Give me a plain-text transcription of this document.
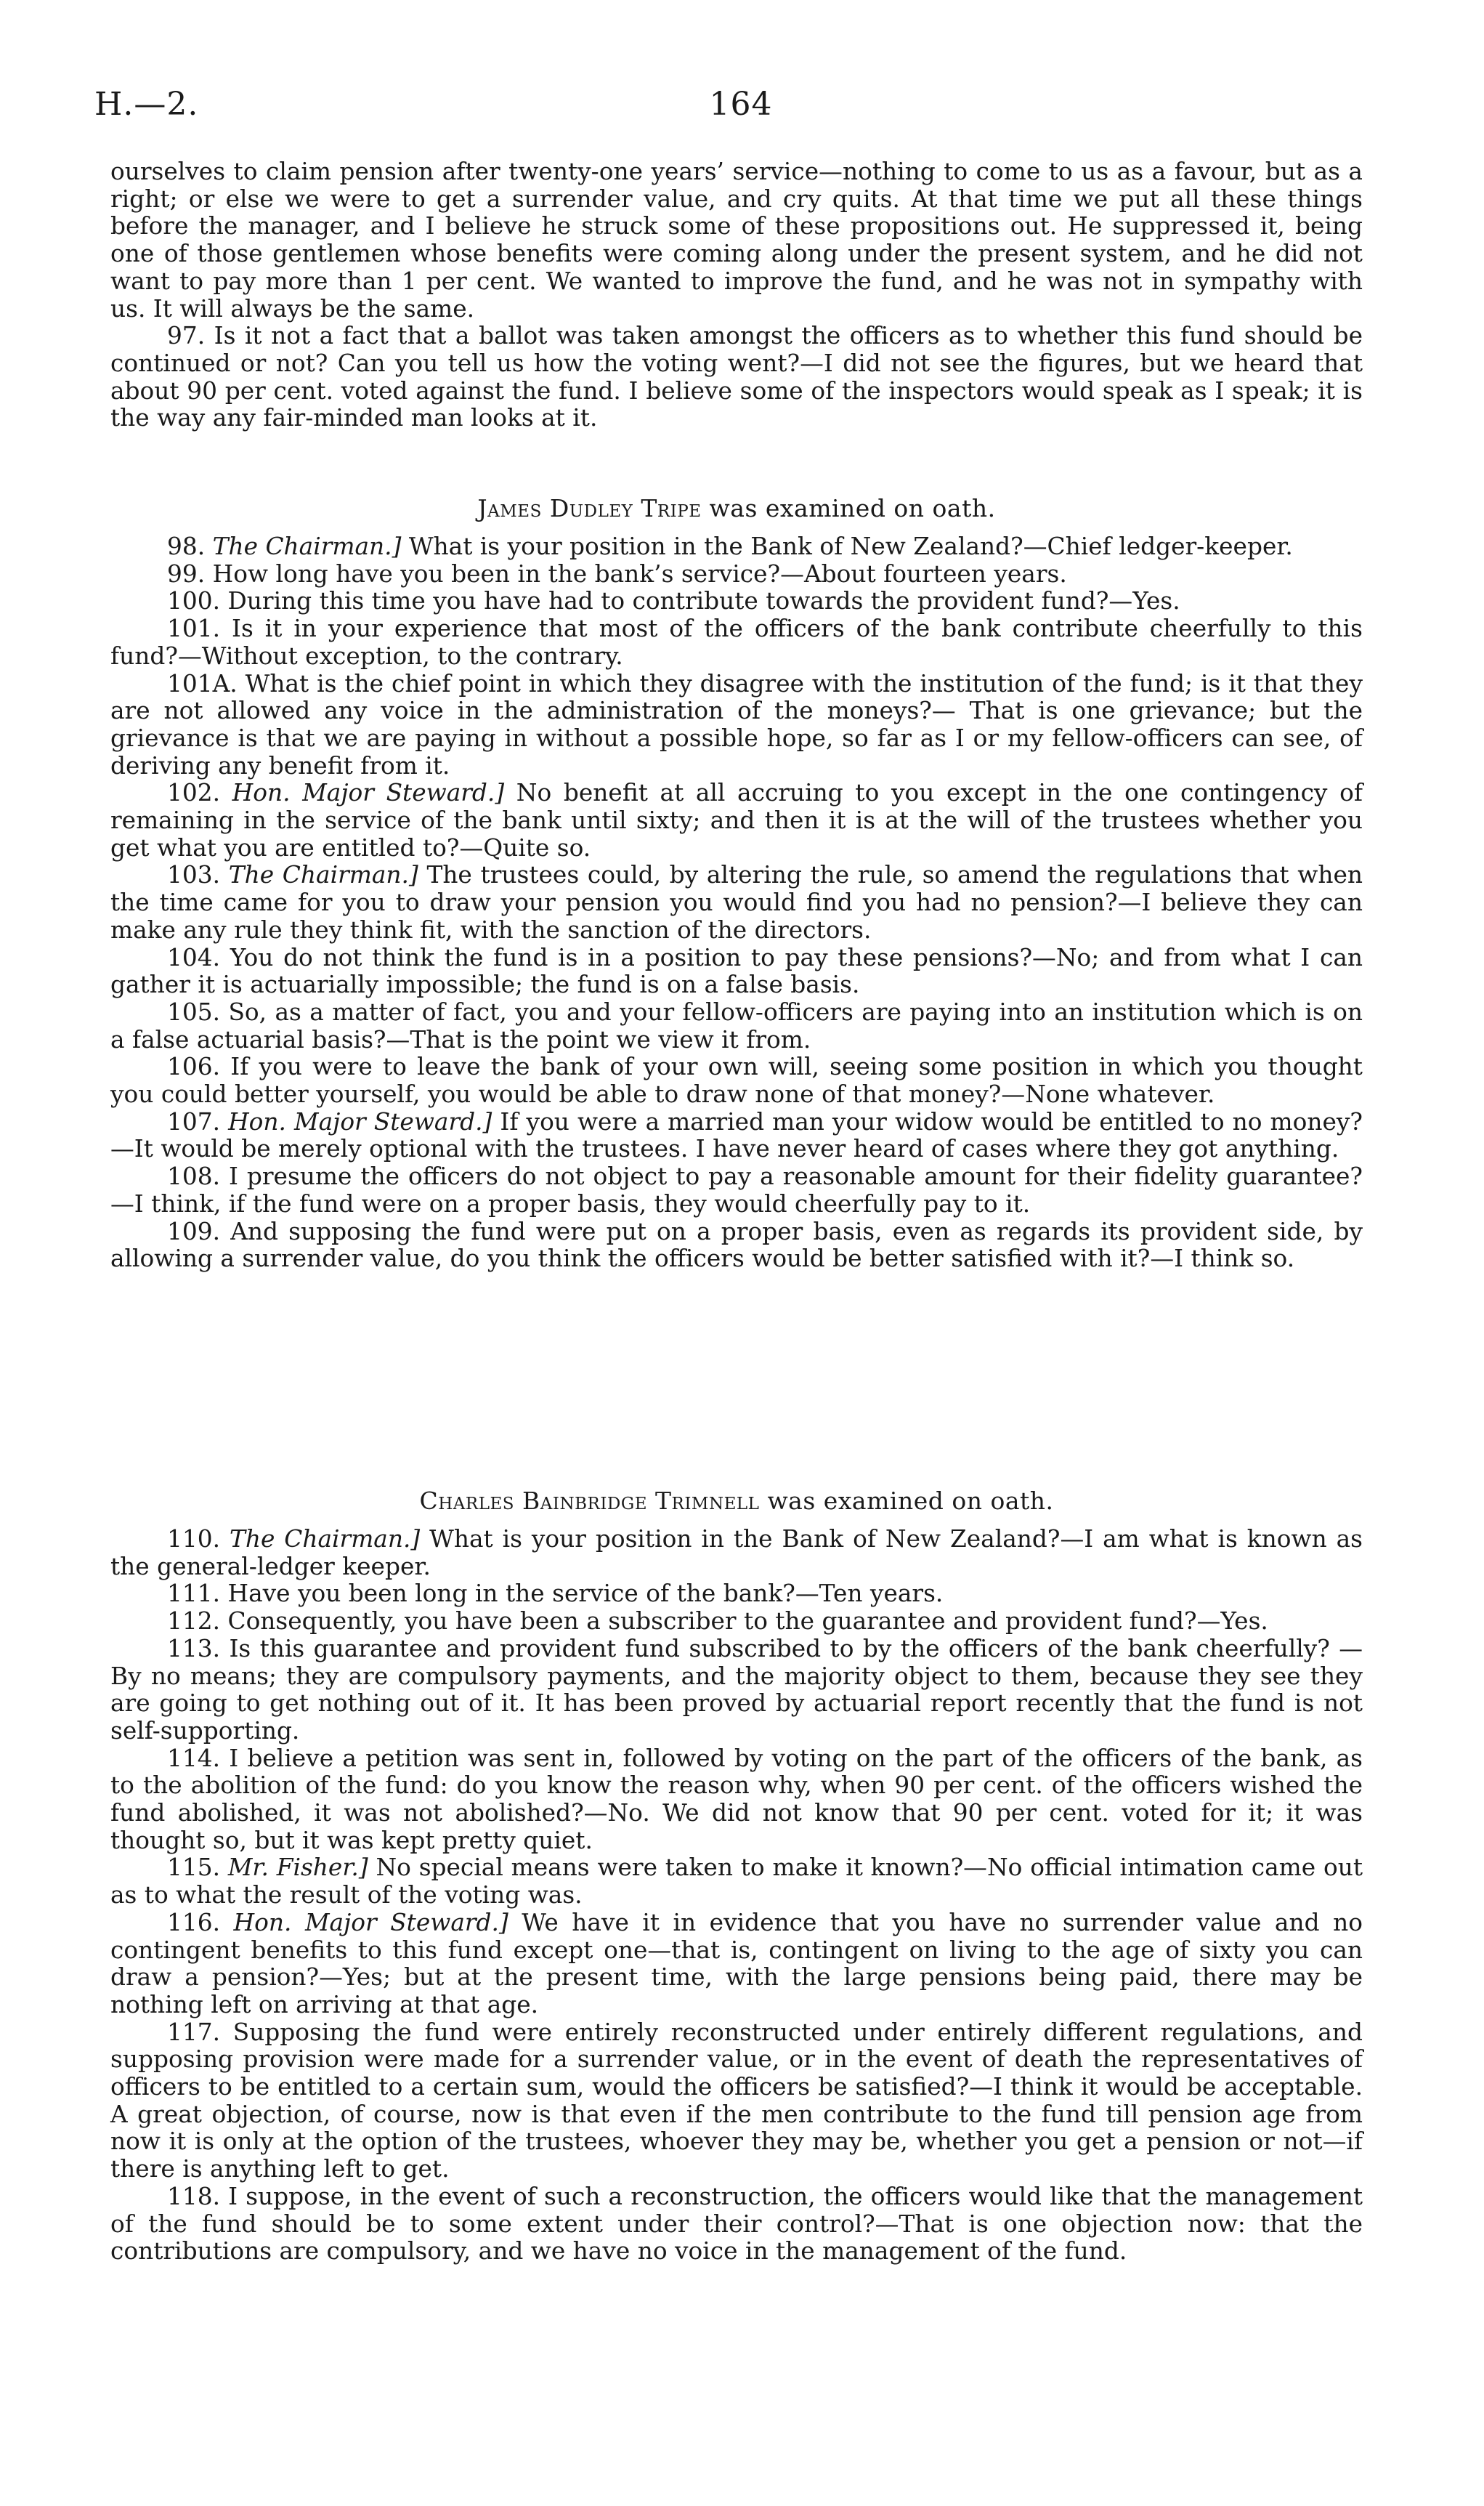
H.—2.	164

ourselves to claim pension after twenty-one years’ service—nothing to come to us as a favour, but as a right; or else we were to get a surrender value, and cry quits. At that time we put all these things before the manager, and I believe he struck some of these propositions out. He suppressed it, being one of those gentlemen whose benefits were coming along under the present system, and he did not want to pay more than 1 per cent. We wanted to improve the fund, and he was not in sympathy with us. It will always be the same.

97. Is it not a fact that a ballot was taken amongst the officers as to whether this fund should be continued or not? Can you tell us how the voting went?—I did not see the figures, but we heard that about 90 per cent. voted against the fund. I believe some of the inspectors would speak as I speak; it is the way any fair-minded man looks at it.

James Dudley Tripe was examined on oath.

98. The Chairman.] What is your position in the Bank of New Zealand?—Chief ledger-keeper.

99. How long have you been in the bank’s service?—About fourteen years.

100. During this time you have had to contribute towards the provident fund?—Yes.

101. Is it in your experience that most of the officers of the bank contribute cheerfully to this fund?—Without exception, to the contrary.

101A. What is the chief point in which they disagree with the institution of the fund; is it that they are not allowed any voice in the administration of the moneys?— That is one grievance; but the grievance is that we are paying in without a possible hope, so far as I or my fellow-officers can see, of deriving any benefit from it.

102. Hon. Major Steward.] No benefit at all accruing to you except in the one contingency of remaining in the service of the bank until sixty; and then it is at the will of the trustees whether you get what you are entitled to?—Quite so.

103. The Chairman.] The trustees could, by altering the rule, so amend the regulations that when the time came for you to draw your pension you would find you had no pension?—I believe they can make any rule they think fit, with the sanction of the directors.

104. You do not think the fund is in a position to pay these pensions?—No; and from what I can gather it is actuarially impossible; the fund is on a false basis.

105. So, as a matter of fact, you and your fellow-officers are paying into an institution which is on a false actuarial basis?—That is the point we view it from.

106. If you were to leave the bank of your own will, seeing some position in which you thought you could better yourself, you would be able to draw none of that money?—None whatever.

107. Hon. Major Steward.] If you were a married man your widow would be entitled to no money?—It would be merely optional with the trustees. I have never heard of cases where they got anything.

108. I presume the officers do not object to pay a reasonable amount for their fidelity guarantee?—I think, if the fund were on a proper basis, they would cheerfully pay to it.

109. And supposing the fund were put on a proper basis, even as regards its provident side, by allowing a surrender value, do you think the officers would be better satisfied with it?—I think so.

Charles Bainbridge Trimnell was examined on oath.

110. The Chairman.] What is your position in the Bank of New Zealand?—I am what is known as the general-ledger keeper.

111. Have you been long in the service of the bank?—Ten years.

112. Consequently, you have been a subscriber to the guarantee and provident fund?—Yes.

113. Is this guarantee and provident fund subscribed to by the officers of the bank cheerfully? —By no means; they are compulsory payments, and the majority object to them, because they see they are going to get nothing out of it. It has been proved by actuarial report recently that the fund is not self-supporting.

114. I believe a petition was sent in, followed by voting on the part of the officers of the bank, as to the abolition of the fund: do you know the reason why, when 90 per cent. of the officers wished the fund abolished, it was not abolished?—No. We did not know that 90 per cent. voted for it; it was thought so, but it was kept pretty quiet.

115. Mr. Fisher.] No special means were taken to make it known?—No official intimation came out as to what the result of the voting was.

116. Hon. Major Steward.] We have it in evidence that you have no surrender value and no contingent benefits to this fund except one—that is, contingent on living to the age of sixty you can draw a pension?—Yes; but at the present time, with the large pensions being paid, there may be nothing left on arriving at that age.

117. Supposing the fund were entirely reconstructed under entirely different regulations, and supposing provision were made for a surrender value, or in the event of death the representatives of officers to be entitled to a certain sum, would the officers be satisfied?—I think it would be acceptable. A great objection, of course, now is that even if the men contribute to the fund till pension age from now it is only at the option of the trustees, whoever they may be, whether you get a pension or not—if there is anything left to get.

118. I suppose, in the event of such a reconstruction, the officers would like that the management of the fund should be to some extent under their control?—That is one objection now: that the contributions are compulsory, and we have no voice in the management of the fund.
